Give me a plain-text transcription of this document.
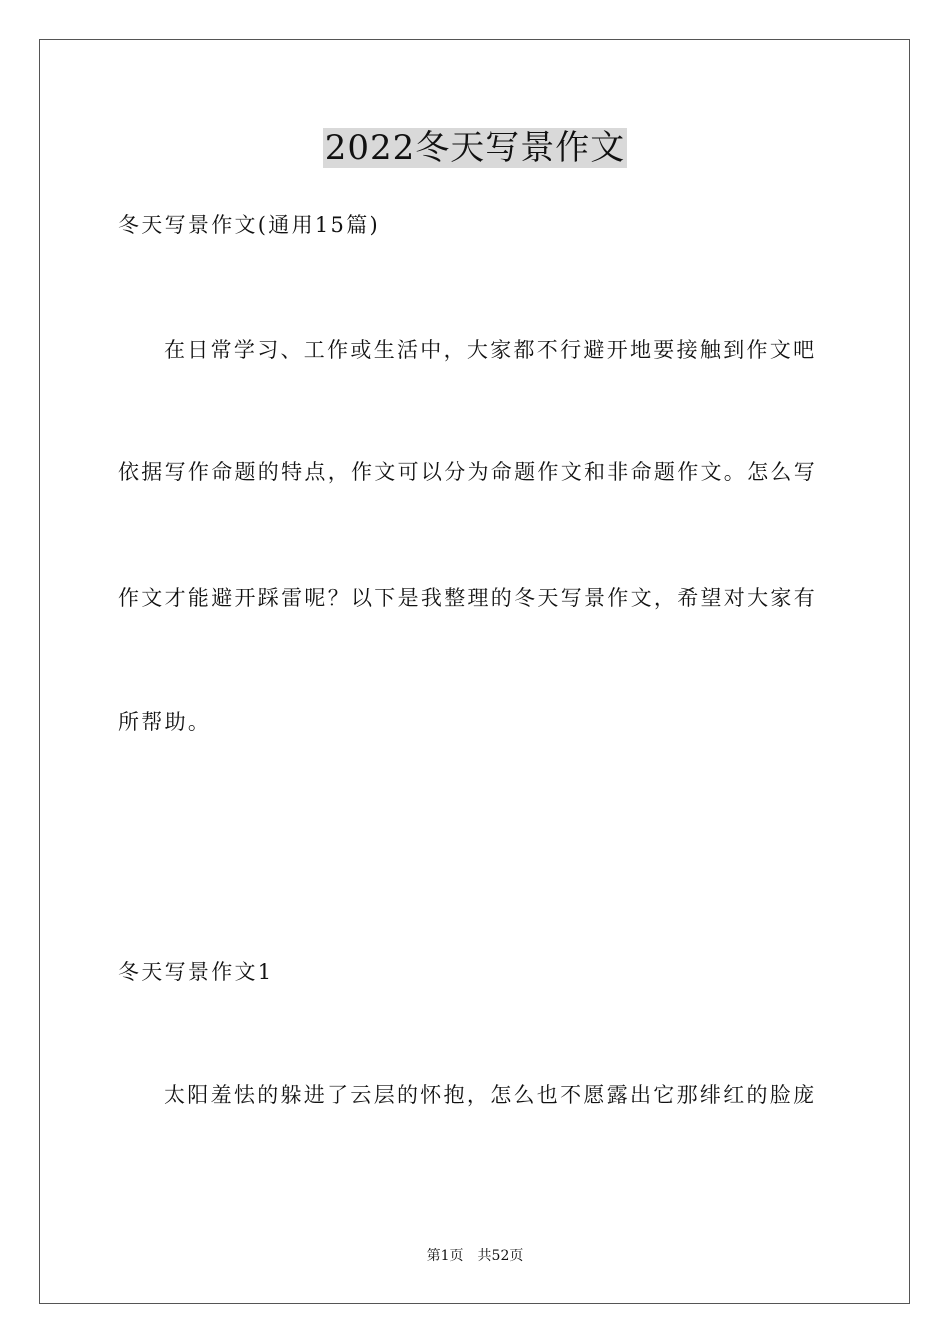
2022冬天写景作文
冬天写景作文(通用15篇)
在日常学习、工作或生活中，大家都不行避开地要接触到作文吧
依据写作命题的特点，作文可以分为命题作文和非命题作文。怎么写
作文才能避开踩雷呢？以下是我整理的冬天写景作文，希望对大家有
所帮助。
冬天写景作文1
太阳羞怯的躲进了云层的怀抱，怎么也不愿露出它那绯红的脸庞
第1页　共52页
